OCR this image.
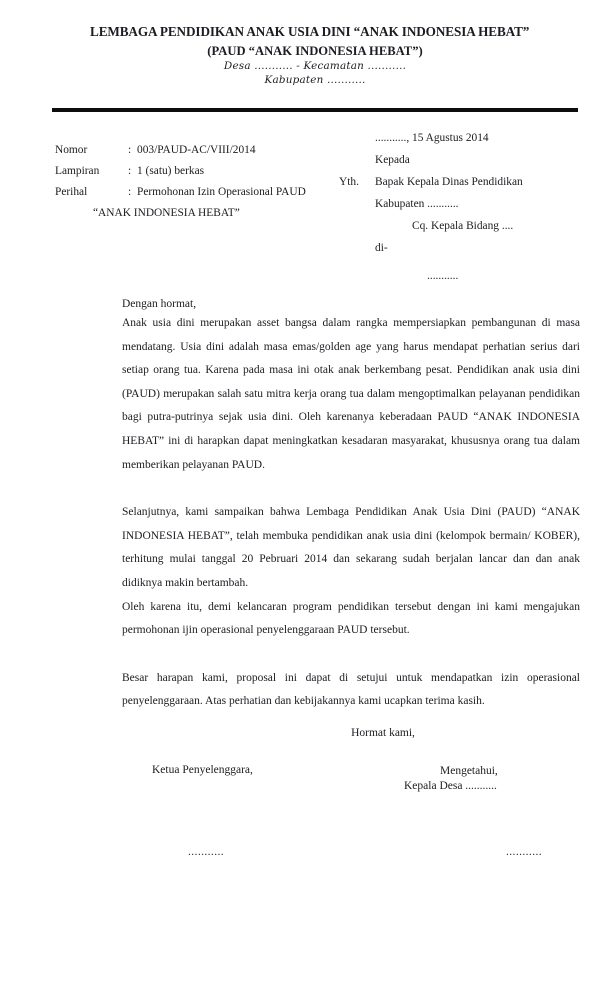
LEMBAGA PENDIDIKAN ANAK USIA DINI “ANAK INDONESIA HEBAT”
(PAUD “ANAK INDONESIA HEBAT”)
Desa ........... - Kecamatan ...........
Kabupaten ...........
Nomor	: 003/PAUD-AC/VIII/2014
Lampiran	: 1 (satu) berkas
Perihal	: Permohonan Izin Operasional PAUD
“ANAK INDONESIA HEBAT”
..........., 15 Agustus 2014
Kepada
Yth.	Bapak Kepala Dinas Pendidikan
Kabupaten ...........
Cq. Kepala Bidang ....
di-
...........
Dengan hormat,

Anak usia dini merupakan asset bangsa dalam rangka mempersiapkan pembangunan di masa mendatang. Usia dini adalah masa emas/golden age yang harus mendapat perhatian serius dari setiap orang tua. Karena pada masa ini otak anak berkembang pesat. Pendidikan anak usia dini (PAUD) merupakan salah satu mitra kerja orang tua dalam mengoptimalkan pelayanan pendidikan bagi putra-putrinya sejak usia dini. Oleh karenanya keberadaan PAUD “ANAK INDONESIA HEBAT” ini di harapkan dapat meningkatkan kesadaran masyarakat, khususnya orang tua dalam memberikan pelayanan PAUD.

Selanjutnya, kami sampaikan bahwa Lembaga Pendidikan Anak Usia Dini (PAUD) “ANAK INDONESIA HEBAT”, telah membuka pendidikan anak usia dini (kelompok bermain/ KOBER), terhitung mulai tanggal 20 Pebruari 2014 dan sekarang sudah berjalan lancar dan dan anak didiknya makin bertambah.

Oleh karena itu, demi kelancaran program pendidikan tersebut dengan ini kami mengajukan permohonan ijin operasional penyelenggaraan PAUD tersebut.

Besar harapan kami, proposal ini dapat di setujui untuk mendapatkan izin operasional penyelenggaraan. Atas perhatian dan kebijakannya kami ucapkan terima kasih.

Hormat kami,
Ketua Penyelenggara,	Mengetahui,
Kepala Desa ...........
...........	...........
